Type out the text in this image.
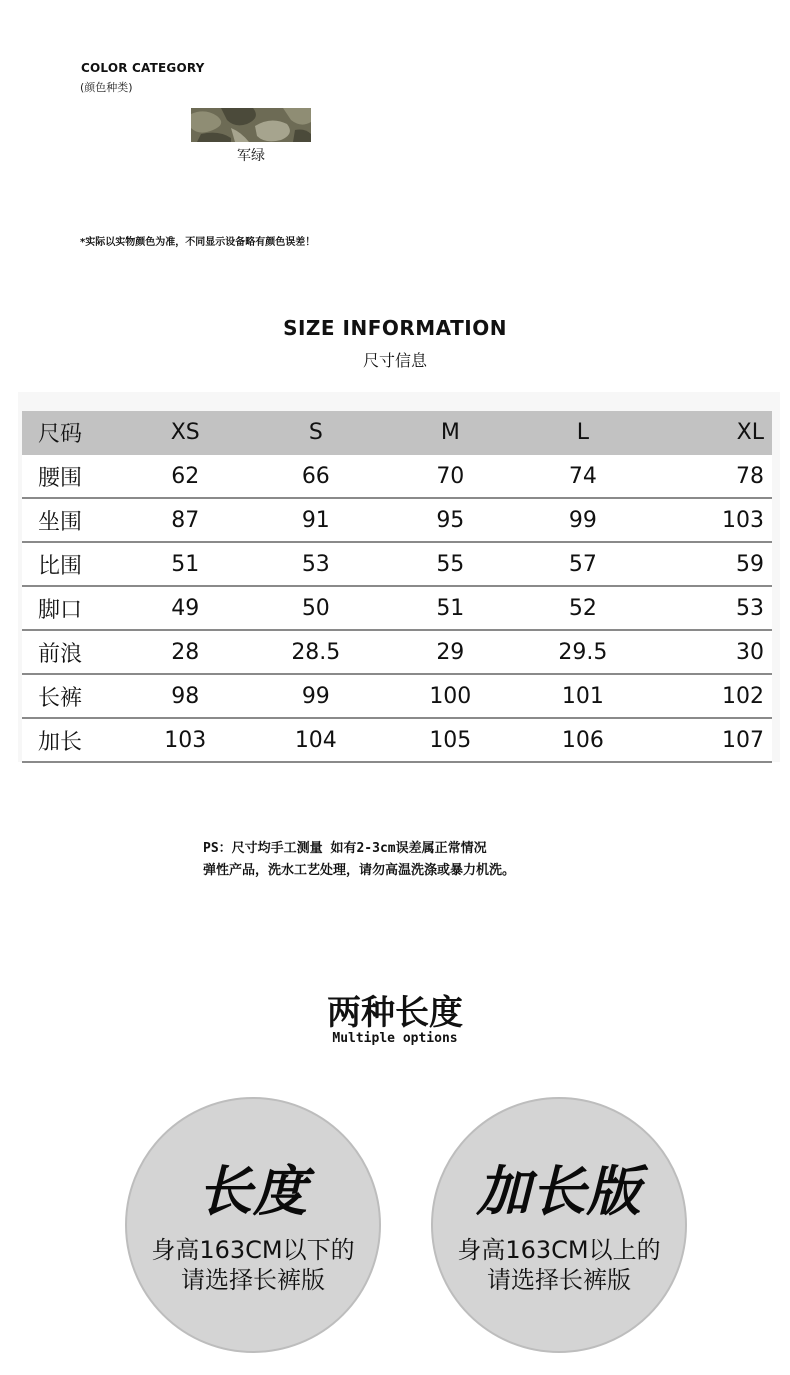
COLOR CATEGORY
(颜色种类)
军绿
*实际以实物颜色为准，不同显示设备略有颜色误差！
SIZE INFORMATION
尺寸信息
尺码	XS	S	M	L	XL
腰围	62	66	70	74	78
坐围	87	91	95	99	103
比围	51	53	55	57	59
脚口	49	50	51	52	53
前浪	28	28.5	29	29.5	30
长裤	98	99	100	101	102
加长	103	104	105	106	107
PS：尺寸均手工测量 如有2-3cm误差属正常情况
弹性产品，洗水工艺处理，请勿高温洗涤或暴力机洗。
两种长度
Multiple options
长度
身高163CM以下的
请选择长裤版
加长版
身高163CM以上的
请选择长裤版
